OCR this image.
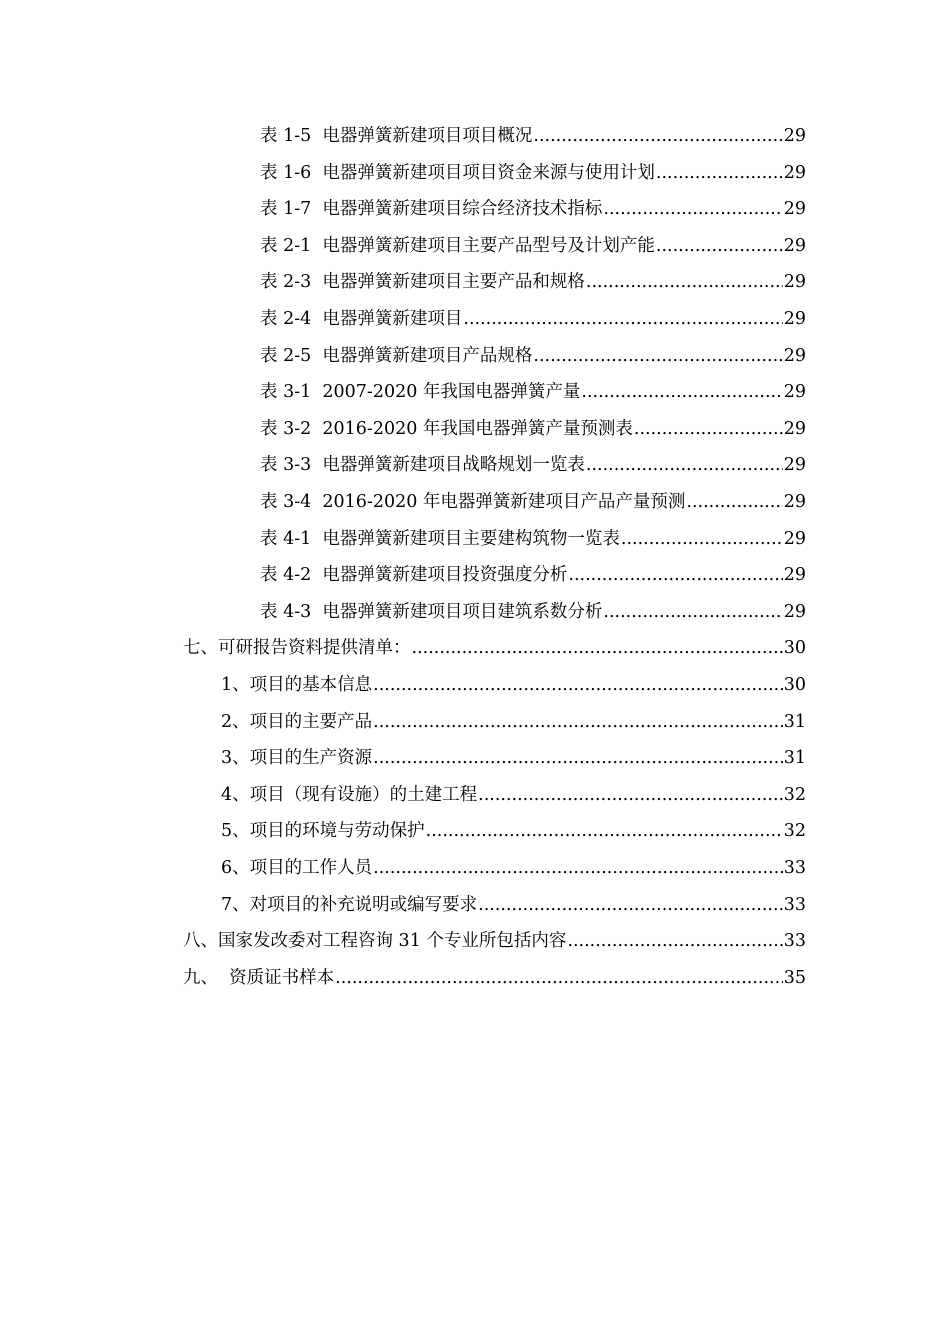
表 1-5  电器弹簧新建项目项目概况 .....	29
表 1-6  电器弹簧新建项目项目资金来源与使用计划 .....	29
表 1-7  电器弹簧新建项目综合经济技术指标 .....	29
表 2-1  电器弹簧新建项目主要产品型号及计划产能 .....	29
表 2-3  电器弹簧新建项目主要产品和规格 .....	29
表 2-4  电器弹簧新建项目 .....	29
表 2-5  电器弹簧新建项目产品规格 .....	29
表 3-1  2007-2020 年我国电器弹簧产量 .....	29
表 3-2  2016-2020 年我国电器弹簧产量预测表 .....	29
表 3-3  电器弹簧新建项目战略规划一览表 .....	29
表 3-4  2016-2020 年电器弹簧新建项目产品产量预测 .....	29
表 4-1  电器弹簧新建项目主要建构筑物一览表 .....	29
表 4-2  电器弹簧新建项目投资强度分析 .....	29
表 4-3  电器弹簧新建项目项目建筑系数分析 .....	29
七、可研报告资料提供清单： .....	30
1、项目的基本信息 .....	30
2、项目的主要产品 .....	31
3、项目的生产资源 .....	31
4、项目（现有设施）的土建工程 .....	32
5、项目的环境与劳动保护 .....	32
6、项目的工作人员 .....	33
7、对项目的补充说明或编写要求 .....	33
八、国家发改委对工程咨询 31 个专业所包括内容 .....	33
九、  资质证书样本 .....	35
